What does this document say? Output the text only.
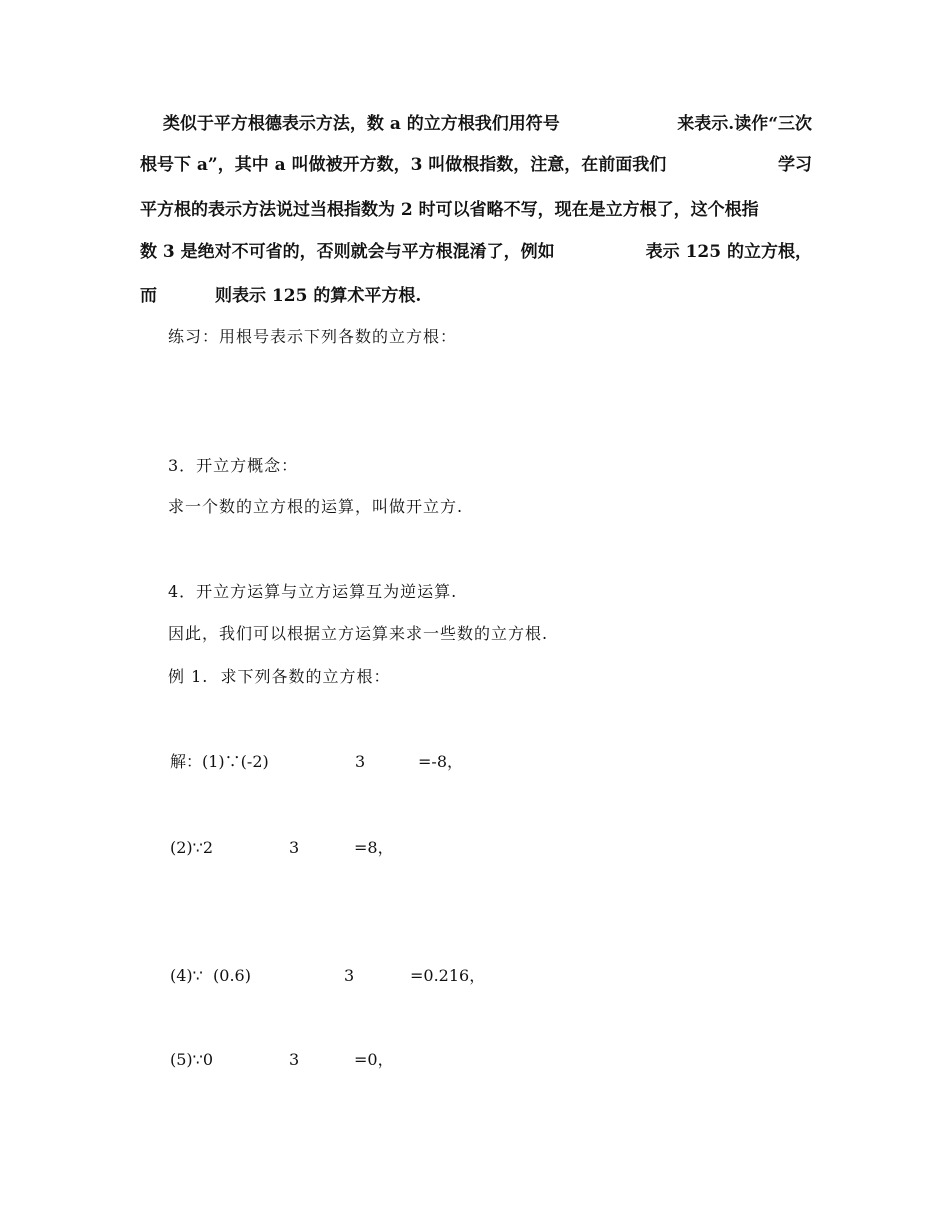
　 类似于平方根德表示方法，数 a 的立方根我们用符号	来表示.读作“三次
根号下 a”，其中 a 叫做被开方数，3 叫做根指数，注意，在前面我们	学习
平方根的表示方法说过当根指数为 2 时可以省略不写，现在是立方根了，这个根指
数 3 是绝对不可省的，否则就会与平方根混淆了，例如	表示 125 的立方根，
而	则表示 125 的算术平方根.
练习：用根号表示下列各数的立方根：
3．开立方概念：
求一个数的立方根的运算，叫做开立方.
4．开立方运算与立方运算互为逆运算.
因此，我们可以根据立方运算来求一些数的立方根.
例 1.  求下列各数的立方根：
解：(1)∵(-2)	3	=-8，
(2)∵2	3	=8，
(4)∵  (0.6)	3	=0.216，
(5)∵0	3	=0，
